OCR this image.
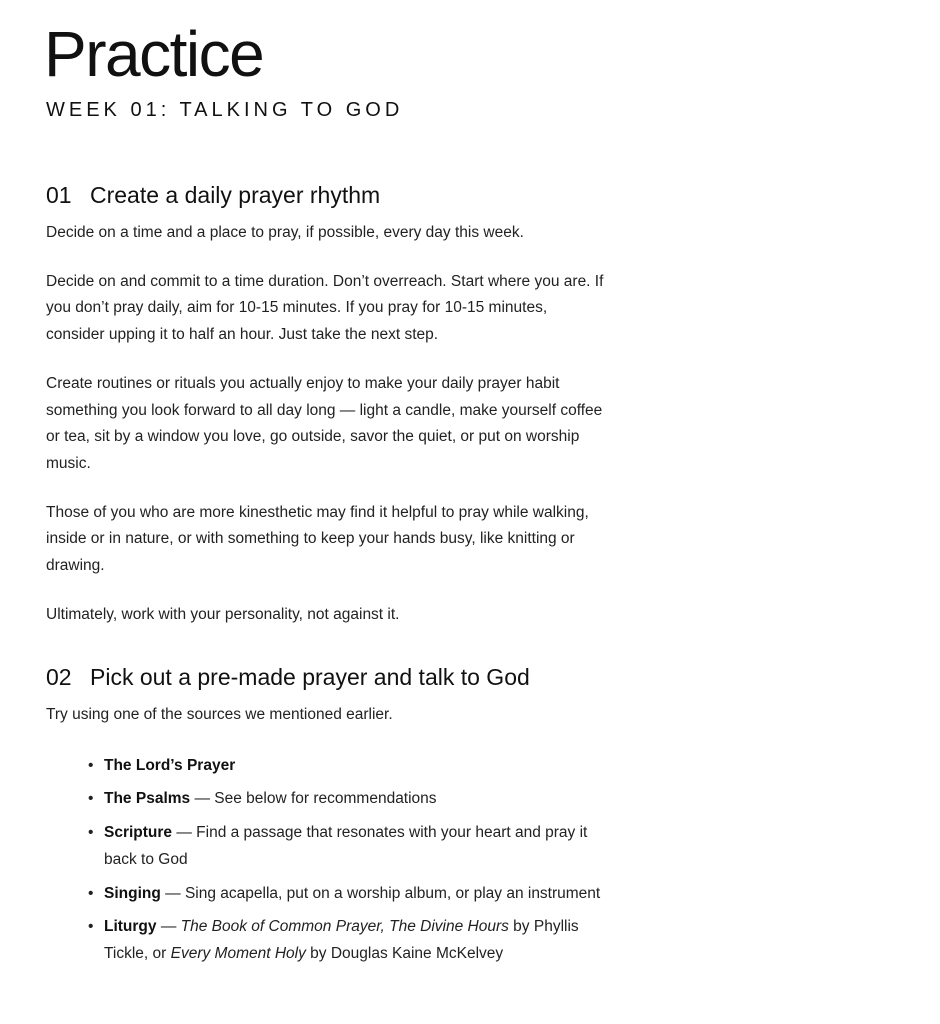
Practice
WEEK 01: TALKING TO GOD
01 Create a daily prayer rhythm

Decide on a time and a place to pray, if possible, every day this week.

Decide on and commit to a time duration. Don’t overreach. Start where you are. If you don’t pray daily, aim for 10-15 minutes. If you pray for 10-15 minutes, consider upping it to half an hour. Just take the next step.

Create routines or rituals you actually enjoy to make your daily prayer habit something you look forward to all day long — light a candle, make yourself coffee or tea, sit by a window you love, go outside, savor the quiet, or put on worship music.

Those of you who are more kinesthetic may find it helpful to pray while walking, inside or in nature, or with something to keep your hands busy, like knitting or drawing.

Ultimately, work with your personality, not against it.

02 Pick out a pre-made prayer and talk to God

Try using one of the sources we mentioned earlier.

• The Lord’s Prayer
• The Psalms — See below for recommendations
• Scripture — Find a passage that resonates with your heart and pray it back to God
• Singing — Sing acapella, put on a worship album, or play an instrument
• Liturgy — The Book of Common Prayer, The Divine Hours by Phyllis Tickle, or Every Moment Holy by Douglas Kaine McKelvey
